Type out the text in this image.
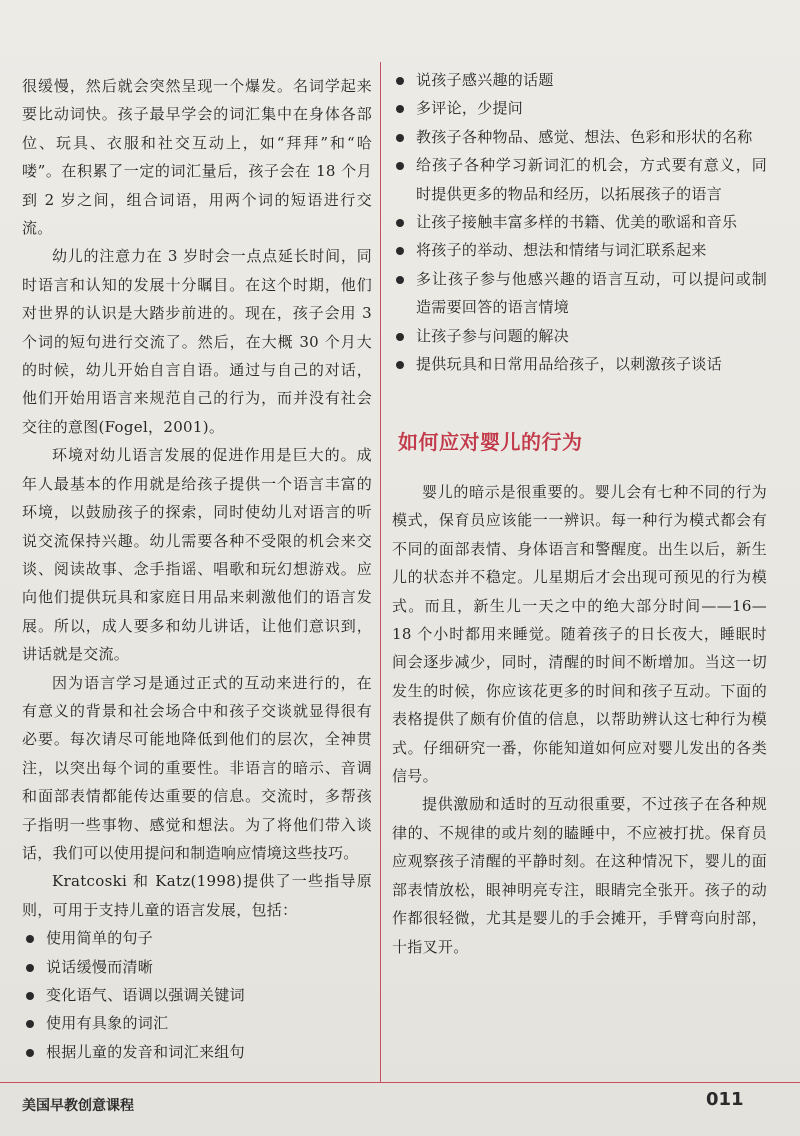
很缓慢，然后就会突然呈现一个爆发。名词学起来要比动词快。孩子最早学会的词汇集中在身体各部位、玩具、衣服和社交互动上，如“拜拜”和“哈喽”。在积累了一定的词汇量后，孩子会在 18 个月到 2 岁之间，组合词语，用两个词的短语进行交流。

幼儿的注意力在 3 岁时会一点点延长时间，同时语言和认知的发展十分瞩目。在这个时期，他们对世界的认识是大踏步前进的。现在，孩子会用 3 个词的短句进行交流了。然后，在大概 30 个月大的时候，幼儿开始自言自语。通过与自己的对话，他们开始用语言来规范自己的行为，而并没有社会交往的意图(Fogel，2001)。

环境对幼儿语言发展的促进作用是巨大的。成年人最基本的作用就是给孩子提供一个语言丰富的环境，以鼓励孩子的探索，同时使幼儿对语言的听说交流保持兴趣。幼儿需要各种不受限的机会来交谈、阅读故事、念手指谣、唱歌和玩幻想游戏。应向他们提供玩具和家庭日用品来刺激他们的语言发展。所以，成人要多和幼儿讲话，让他们意识到，讲话就是交流。

因为语言学习是通过正式的互动来进行的，在有意义的背景和社会场合中和孩子交谈就显得很有必要。每次请尽可能地降低到他们的层次，全神贯注，以突出每个词的重要性。非语言的暗示、音调和面部表情都能传达重要的信息。交流时，多帮孩子指明一些事物、感觉和想法。为了将他们带入谈话，我们可以使用提问和制造响应情境这些技巧。

Kratcoski 和 Katz(1998)提供了一些指导原则，可用于支持儿童的语言发展，包括：

使用简单的句子
说话缓慢而清晰
变化语气、语调以强调关键词
使用有具象的词汇
根据儿童的发音和词汇来组句
说孩子感兴趣的话题
多评论，少提问
教孩子各种物品、感觉、想法、色彩和形状的名称
给孩子各种学习新词汇的机会，方式要有意义，同时提供更多的物品和经历，以拓展孩子的语言
让孩子接触丰富多样的书籍、优美的歌谣和音乐
将孩子的举动、想法和情绪与词汇联系起来
多让孩子参与他感兴趣的语言互动，可以提问或制造需要回答的语言情境
让孩子参与问题的解决
提供玩具和日常用品给孩子，以刺激孩子谈话
如何应对婴儿的行为

婴儿的暗示是很重要的。婴儿会有七种不同的行为模式，保育员应该能一一辨识。每一种行为模式都会有不同的面部表情、身体语言和警醒度。出生以后，新生儿的状态并不稳定。儿星期后才会出现可预见的行为模式。而且，新生儿一天之中的绝大部分时间——16—18 个小时都用来睡觉。随着孩子的日长夜大，睡眠时间会逐步减少，同时，清醒的时间不断增加。当这一切发生的时候，你应该花更多的时间和孩子互动。下面的表格提供了颇有价值的信息，以帮助辨认这七种行为模式。仔细研究一番，你能知道如何应对婴儿发出的各类信号。

提供激励和适时的互动很重要，不过孩子在各种规律的、不规律的或片刻的瞌睡中，不应被打扰。保育员应观察孩子清醒的平静时刻。在这种情况下，婴儿的面部表情放松，眼神明亮专注，眼睛完全张开。孩子的动作都很轻微，尤其是婴儿的手会摊开，手臂弯向肘部，十指叉开。

美国早教创意课程	011
